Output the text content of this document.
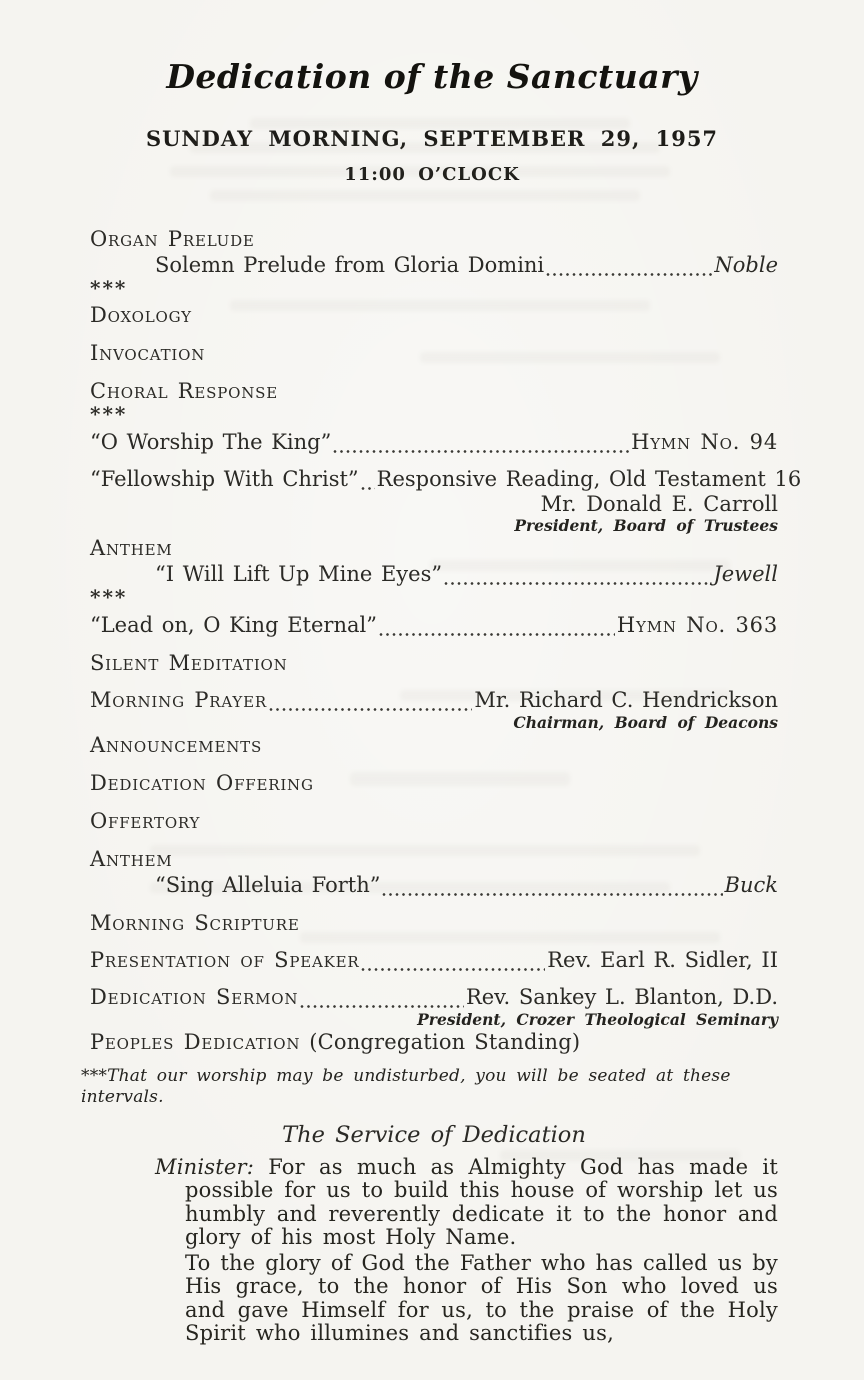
Dedication of the Sanctuary
SUNDAY MORNING, SEPTEMBER 29, 1957
11:00 O’CLOCK
Organ Prelude
Solemn Prelude from Gloria Domini	Noble
***
Doxology
Invocation
Choral Response
***
“O Worship The King”	Hymn No. 94
“Fellowship With Christ” Responsive Reading, Old Testament 16
Mr. Donald E. Carroll
President, Board of Trustees
Anthem
“I Will Lift Up Mine Eyes”	Jewell
***
“Lead on, O King Eternal”	Hymn No. 363
Silent Meditation
Morning Prayer	Mr. Richard C. Hendrickson
Chairman, Board of Deacons
Announcements
Dedication Offering
Offertory
Anthem
“Sing Alleluia Forth”	Buck
Morning Scripture
Presentation of Speaker	Rev. Earl R. Sidler, II
Dedication Sermon	Rev. Sankey L. Blanton, D.D.
President, Crozer Theological Seminary
Peoples Dedication (Congregation Standing)
***That our worship may be undisturbed, you will be seated at these intervals.
The Service of Dedication

Minister: For as much as Almighty God has made it possible for us to build this house of worship let us humbly and reverently dedicate it to the honor and glory of his most Holy Name.

To the glory of God the Father who has called us by His grace, to the honor of His Son who loved us and gave Himself for us, to the praise of the Holy Spirit who illumines and sanctifies us,
